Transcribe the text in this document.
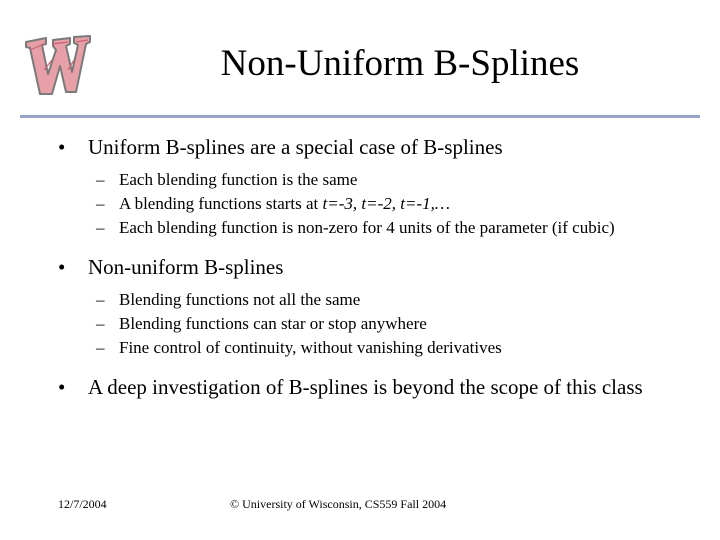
Non-Uniform B-Splines
• Uniform B-splines are a special case of B-splines
– Each blending function is the same
– A blending functions starts at t=-3, t=-2, t=-1,…
– Each blending function is non-zero for 4 units of the parameter (if cubic)
• Non-uniform B-splines
– Blending functions not all the same
– Blending functions can star or stop anywhere
– Fine control of continuity, without vanishing derivatives
• A deep investigation of B-splines is beyond the scope of this class
12/7/2004	© University of Wisconsin, CS559 Fall 2004
